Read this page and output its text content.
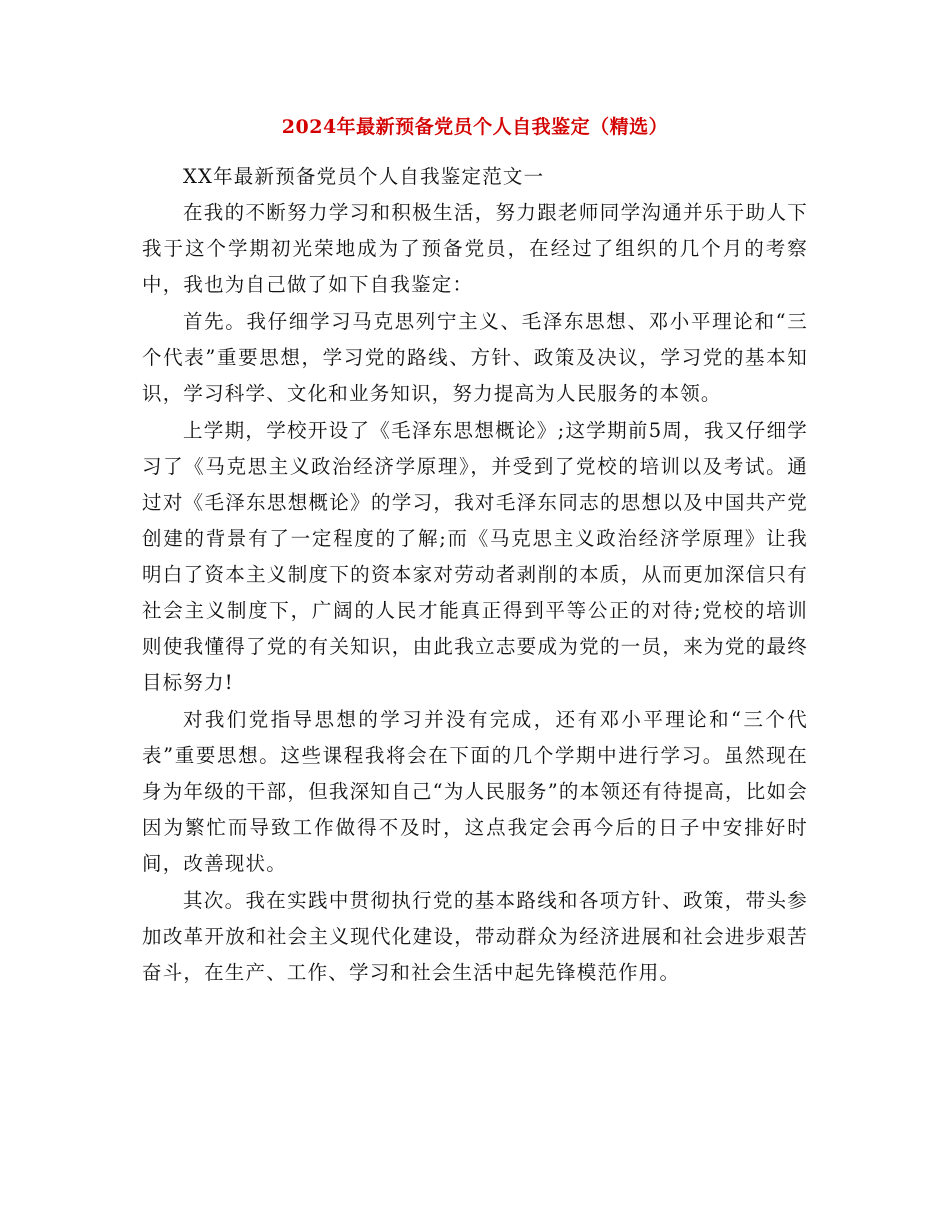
2024年最新预备党员个人自我鉴定（精选）

XX年最新预备党员个人自我鉴定范文一

在我的不断努力学习和积极生活，努力跟老师同学沟通并乐于助人下我于这个学期初光荣地成为了预备党员，在经过了组织的几个月的考察中，我也为自己做了如下自我鉴定：

首先。我仔细学习马克思列宁主义、毛泽东思想、邓小平理论和“三个代表”重要思想，学习党的路线、方针、政策及决议，学习党的基本知识，学习科学、文化和业务知识，努力提高为人民服务的本领。

上学期，学校开设了《毛泽东思想概论》;这学期前5周，我又仔细学习了《马克思主义政治经济学原理》，并受到了党校的培训以及考试。通过对《毛泽东思想概论》的学习，我对毛泽东同志的思想以及中国共产党创建的背景有了一定程度的了解;而《马克思主义政治经济学原理》让我明白了资本主义制度下的资本家对劳动者剥削的本质，从而更加深信只有社会主义制度下，广阔的人民才能真正得到平等公正的对待;党校的培训则使我懂得了党的有关知识，由此我立志要成为党的一员，来为党的最终目标努力!

对我们党指导思想的学习并没有完成，还有邓小平理论和“三个代表”重要思想。这些课程我将会在下面的几个学期中进行学习。虽然现在身为年级的干部，但我深知自己“为人民服务”的本领还有待提高，比如会因为繁忙而导致工作做得不及时，这点我定会再今后的日子中安排好时间，改善现状。

其次。我在实践中贯彻执行党的基本路线和各项方针、政策，带头参加改革开放和社会主义现代化建设，带动群众为经济进展和社会进步艰苦奋斗，在生产、工作、学习和社会生活中起先锋模范作用。
